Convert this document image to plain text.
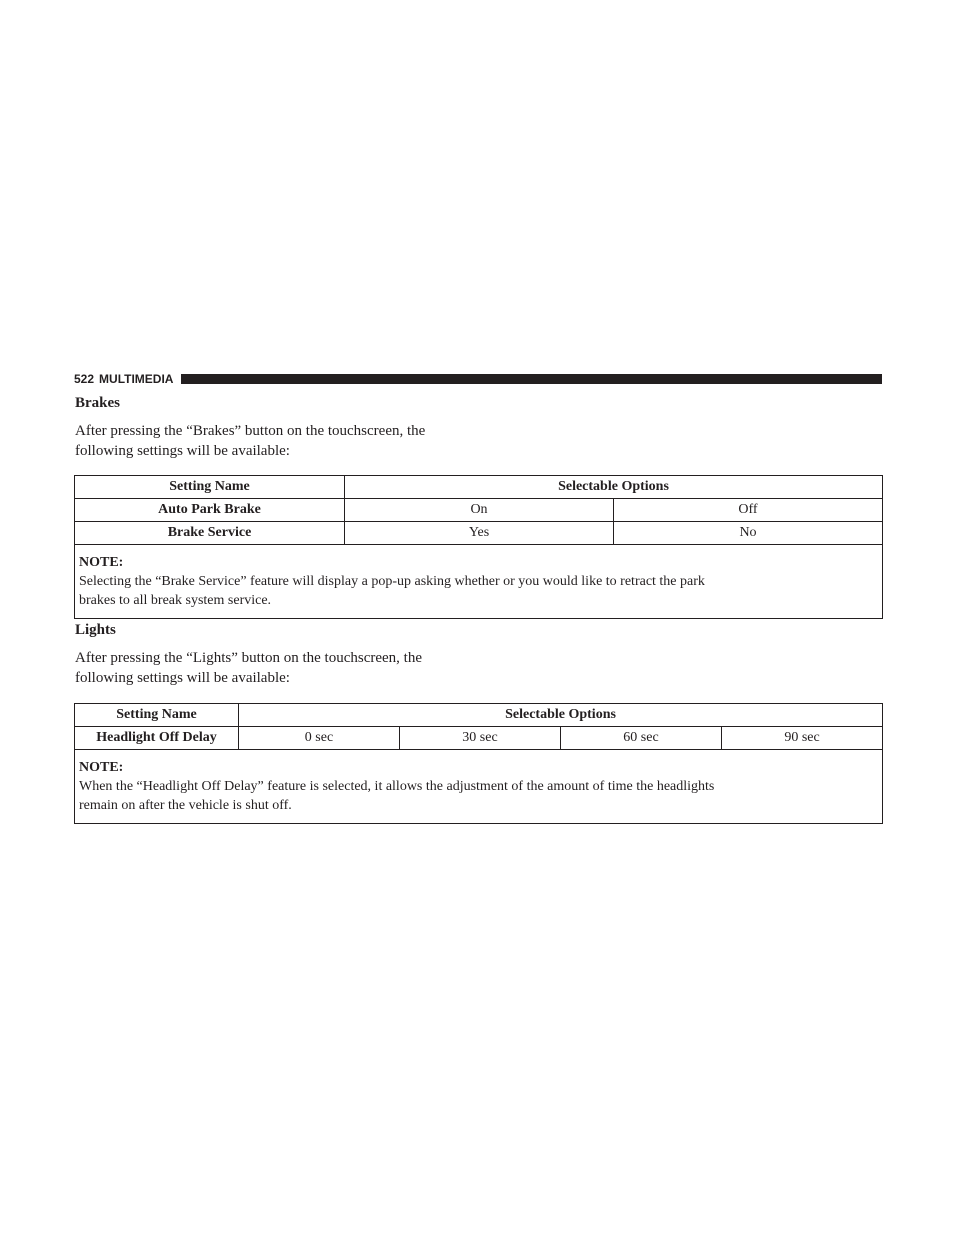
522 MULTIMEDIA
Brakes
After pressing the “Brakes” button on the touchscreen, the
following settings will be available:
Setting Name	Selectable Options	
Auto Park Brake	On	Off
Brake Service	Yes	No

NOTE:
Selecting the “Brake Service” feature will display a pop-up asking whether or you would like to retract the park
brakes to all break system service.		
Lights
After pressing the “Lights” button on the touchscreen, the
following settings will be available:
Setting Name	Selectable Options			
Headlight Off Delay	0 sec	30 sec	60 sec	90 sec

NOTE:
When the “Headlight Off Delay” feature is selected, it allows the adjustment of the amount of time the headlights
remain on after the vehicle is shut off.				
